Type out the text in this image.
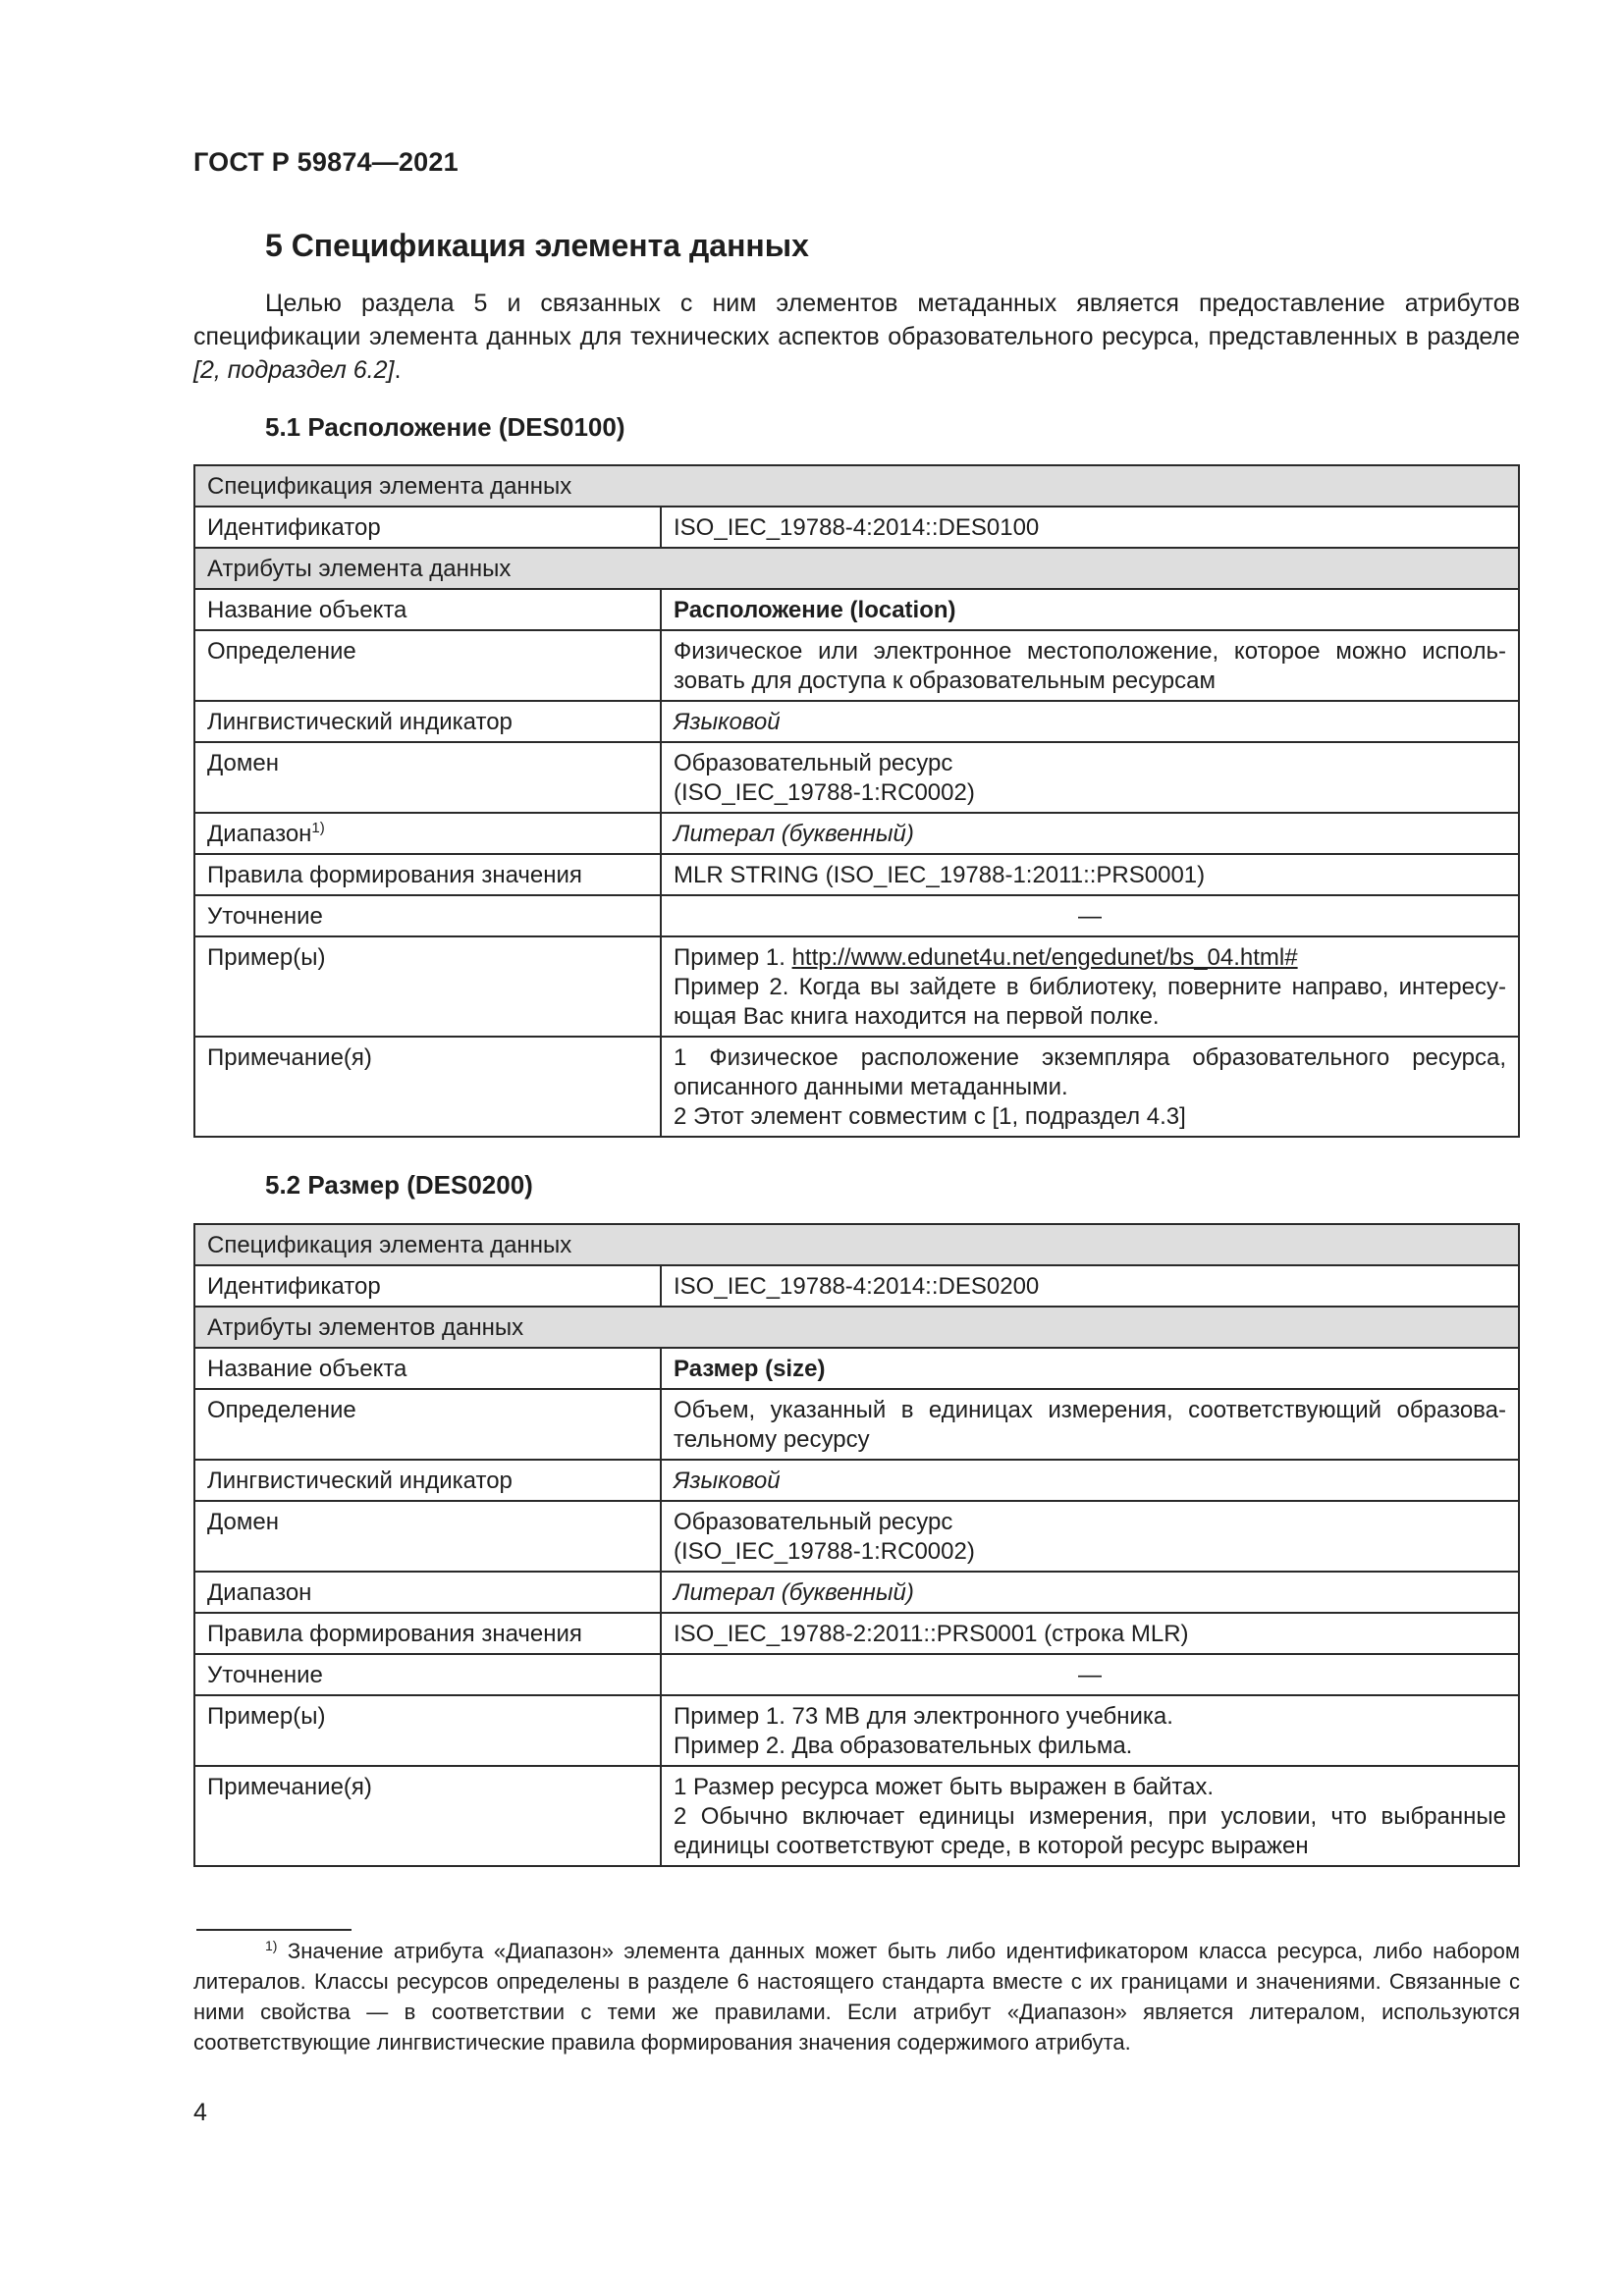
ГОСТ Р 59874—2021
5 Спецификация элемента данных

Целью раздела 5 и связанных с ним элементов метаданных является предоставление атрибутов спецификации элемента данных для технических аспектов образовательного ресурса, представленных в разделе [2, подраздел 6.2].

5.1 Расположение (DES0100)
Спецификация элемента данных	
Идентификатор	ISO_IEC_19788-4:2014::DES0100
Атрибуты элемента данных	
Название объекта	Расположение (location)
Определение	Физическое или электронное местоположение, которое можно использовать для доступа к образовательным ресурсам
Лингвистический индикатор	Языковой
Домен	Образовательный ресурс
(ISO_IEC_19788-1:RC0002)

Диапазон$^{1)}$	Литерал (буквенный)
Правила формирования значения	MLR STRING (ISO_IEC_19788-1:2011::PRS0001)
Уточнение	—
Пример(ы)	Пример 1. http://www.edunet4u.net/engedunet/bs_04.html#
Пример 2. Когда вы зайдете в библиотеку, поверните направо, интересующая Вас книга находится на первой полке.

Примечание(я)	1 Физическое расположение экземпляра образовательного ресурса, описанного данными метаданными.
2 Этот элемент совместим с [1, подраздел 4.3]
5.2 Размер (DES0200)
Спецификация элемента данных	
Идентификатор	ISO_IEC_19788-4:2014::DES0200
Атрибуты элементов данных	
Название объекта	Размер (size)
Определение	Объем, указанный в единицах измерения, соответствующий образовательному ресурсу
Лингвистический индикатор	Языковой
Домен	Образовательный ресурс
(ISO_IEC_19788-1:RC0002)

Диапазон	Литерал (буквенный)
Правила формирования значения	ISO_IEC_19788-2:2011::PRS0001 (строка MLR)
Уточнение	—
Пример(ы)	Пример 1. 73 MB для электронного учебника.
Пример 2. Два образовательных фильма.

Примечание(я)	1 Размер ресурса может быть выражен в байтах.
2 Обычно включает единицы измерения, при условии, что выбранные единицы соответствуют среде, в которой ресурс выражен

$^{1)}$ Значение атрибута «Диапазон» элемента данных может быть либо идентификатором класса ресурса, либо набором литералов. Классы ресурсов определены в разделе 6 настоящего стандарта вместе с их границами и значениями. Связанные с ними свойства — в соответствии с теми же правилами. Если атрибут «Диапазон» является литералом, используются соответствующие лингвистические правила формирования значения содержимого атрибута.

4
